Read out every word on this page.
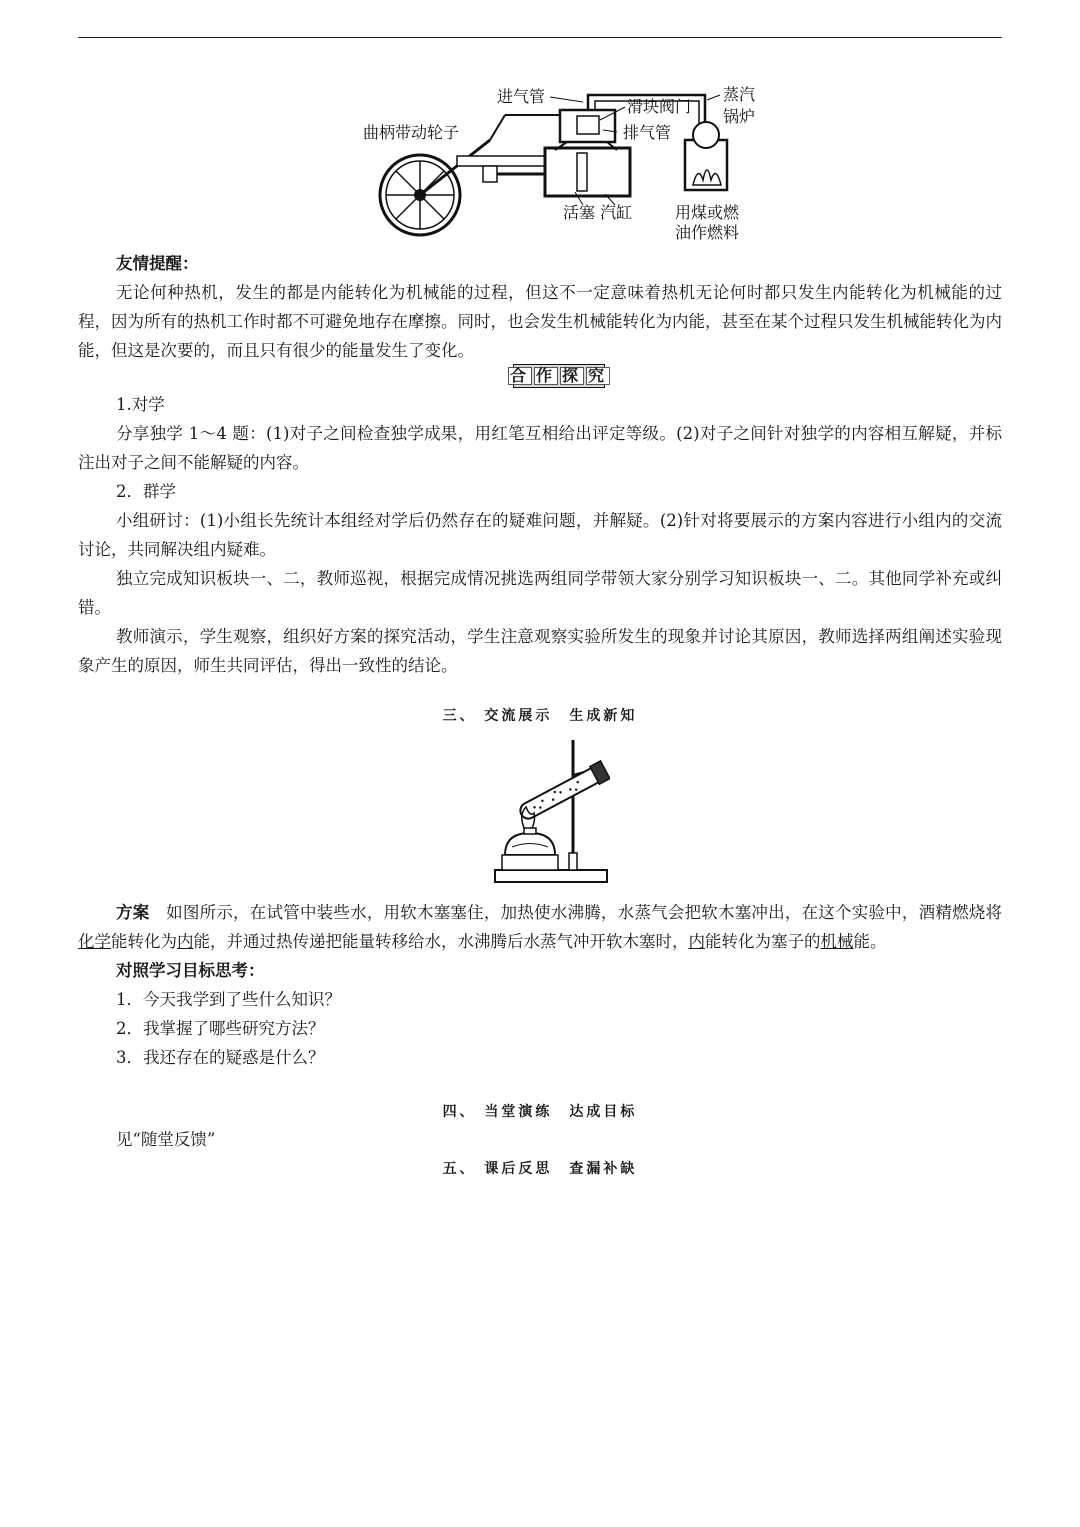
进气管
滑块阀门
蒸汽
锅炉
曲柄带动轮子	排气管
活塞 汽缸	用煤或燃
油作燃料

友情提醒：

无论何种热机，发生的都是内能转化为机械能的过程，但这不一定意味着热机无论何时都只发生内能转化为机械能的过程，因为所有的热机工作时都不可避免地存在摩擦。同时，也会发生机械能转化为内能，甚至在某个过程只发生机械能转化为内能，但这是次要的，而且只有很少的能量发生了变化。

合 作 探 究

1.对学

分享独学 1～4 题：(1)对子之间检查独学成果，用红笔互相给出评定等级。(2)对子之间针对独学的内容相互解疑，并标注出对子之间不能解疑的内容。

2．群学

小组研讨：(1)小组长先统计本组经对学后仍然存在的疑难问题，并解疑。(2)针对将要展示的方案内容进行小组内的交流讨论，共同解决组内疑难。

独立完成知识板块一、二，教师巡视，根据完成情况挑选两组同学带领大家分别学习知识板块一、二。其他同学补充或纠错。

教师演示，学生观察，组织好方案的探究活动，学生注意观察实验所发生的现象并讨论其原因，教师选择两组阐述实验现象产生的原因，师生共同评估，得出一致性的结论。

三、 交流展示　生成新知

方案　如图所示，在试管中装些水，用软木塞塞住，加热使水沸腾，水蒸气会把软木塞冲出，在这个实验中，酒精燃烧将化学能转化为内能，并通过热传递把能量转移给水，水沸腾后水蒸气冲开软木塞时，内能转化为塞子的机械能。

对照学习目标思考：

1．今天我学到了些什么知识？

2．我掌握了哪些研究方法？

3．我还存在的疑惑是什么？

四、 当堂演练　达成目标

见“随堂反馈”

五、 课后反思　查漏补缺
